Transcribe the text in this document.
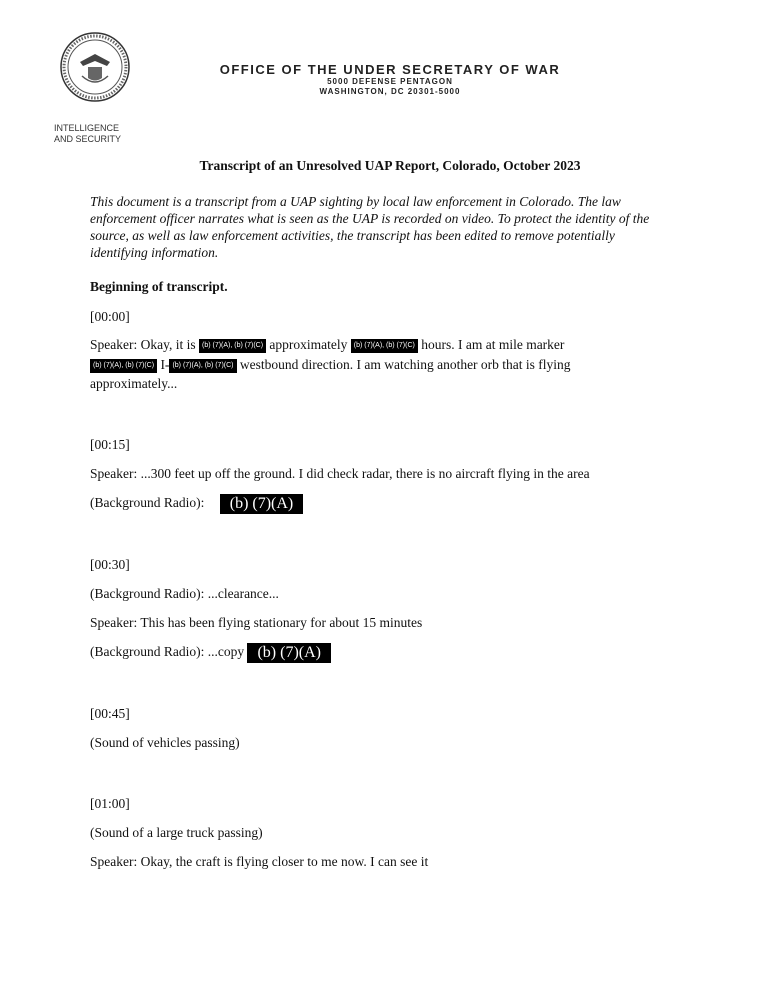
INTELLIGENCE
AND SECURITY
OFFICE OF THE UNDER SECRETARY OF WAR
5000 DEFENSE PENTAGON
WASHINGTON, DC 20301-5000
Transcript of an Unresolved UAP Report, Colorado, October 2023
This document is a transcript from a UAP sighting by local law enforcement in Colorado. The law enforcement officer narrates what is seen as the UAP is recorded on video. To protect the identity of the source, as well as law enforcement activities, the transcript has been edited to remove potentially identifying information.
Beginning of transcript.
[00:00]
Speaker: Okay, it is (b) (7)(A), (b) (7)(C) approximately (b) (7)(A), (b) (7)(C) hours. I am at mile marker
(b) (7)(A), (b) (7)(C) I- (b) (7)(A), (b) (7)(C) westbound direction. I am watching another orb that is flying
approximately...
[00:15]
Speaker: ...300 feet up off the ground. I did check radar, there is no aircraft flying in the area
(Background Radio): (b) (7)(A)
[00:30]
(Background Radio): ...clearance...
Speaker: This has been flying stationary for about 15 minutes
(Background Radio): ...copy (b) (7)(A)
[00:45]
(Sound of vehicles passing)
[01:00]
(Sound of a large truck passing)
Speaker: Okay, the craft is flying closer to me now. I can see it
